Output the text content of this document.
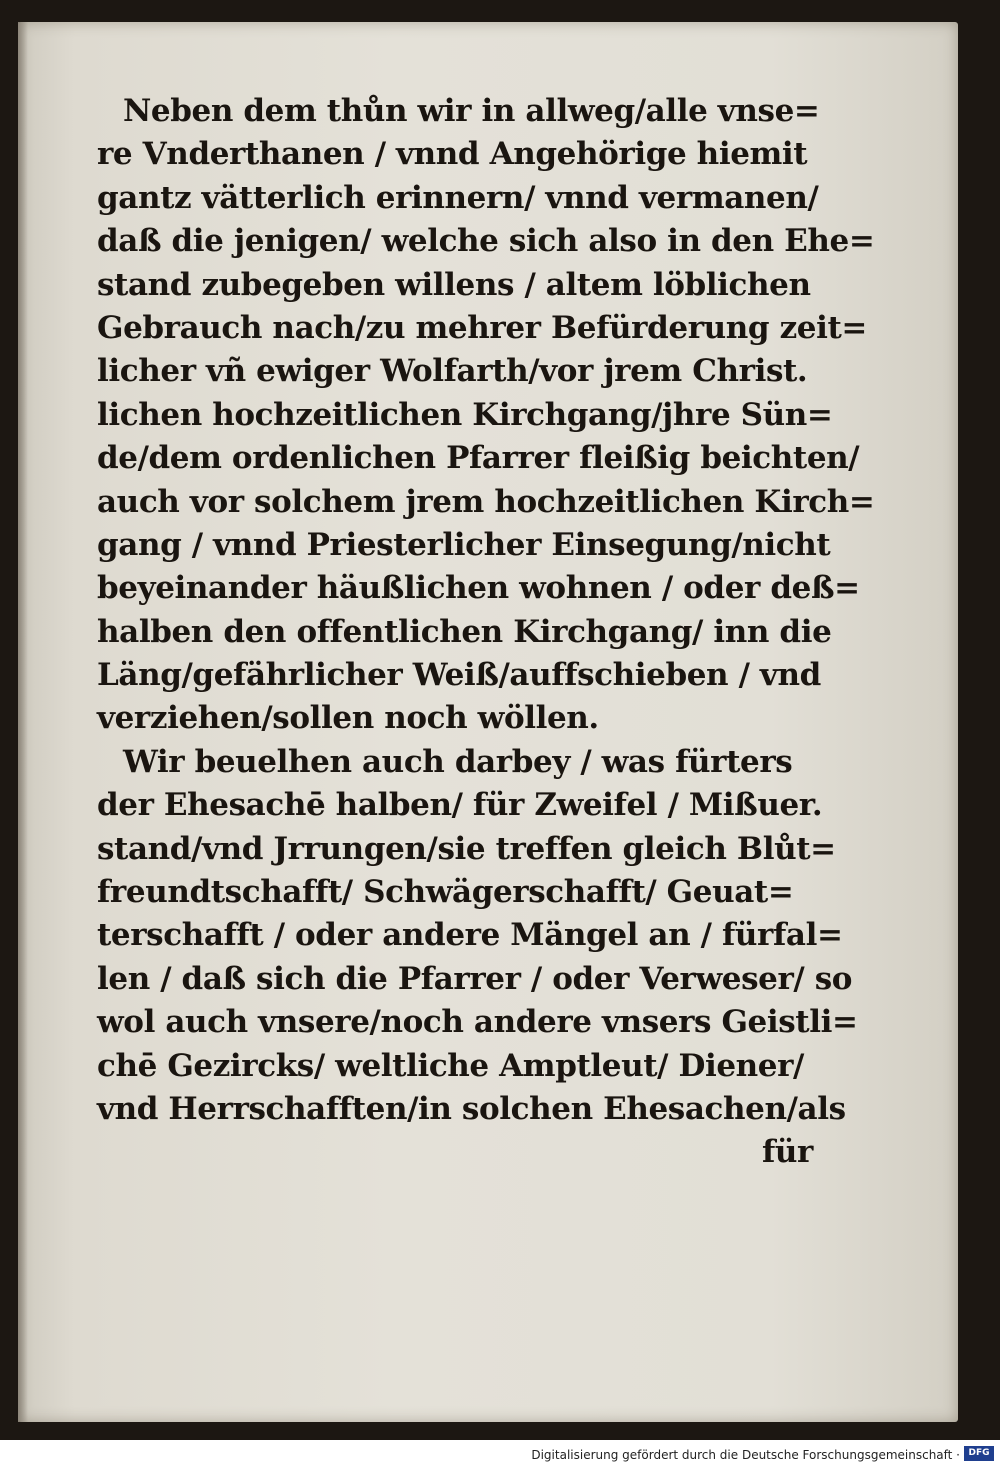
Neben dem thůn wir in allweg/alle vnse=
re Vnderthanen / vnnd Angehörige hiemit
gantz vätterlich erinnern/ vnnd vermanen/
daß die jenigen/ welche sich also in den Ehe=
stand zubegeben willens / altem löblichen
Gebrauch nach/zu mehrer Befürderung zeit=
licher vñ ewiger Wolfarth/vor jrem Christ.
lichen hochzeitlichen Kirchgang/jhre Sün=
de/dem ordenlichen Pfarrer fleißig beichten/
auch vor solchem jrem hochzeitlichen Kirch=
gang / vnnd Priesterlicher Einsegung/nicht
beyeinander häußlichen wohnen / oder deß=
halben den offentlichen Kirchgang/ inn die
Läng/gefährlicher Weiß/auffschieben / vnd
verziehen/sollen noch wöllen.
Wir beuelhen auch darbey / was fürters
der Ehesachē halben/ für Zweifel / Mißuer.
stand/vnd Jrrungen/sie treffen gleich Blůt=
freundtschafft/ Schwägerschafft/ Geuat=
terschafft / oder andere Mängel an / fürfal=
len / daß sich die Pfarrer / oder Verweser/ so
wol auch vnsere/noch andere vnsers Geistli=
chē Gezircks/ weltliche Amptleut/ Diener/
vnd Herrschafften/in solchen Ehesachen/als
für
Digitalisierung gefördert durch die Deutsche Forschungsgemeinschaft · DFG
